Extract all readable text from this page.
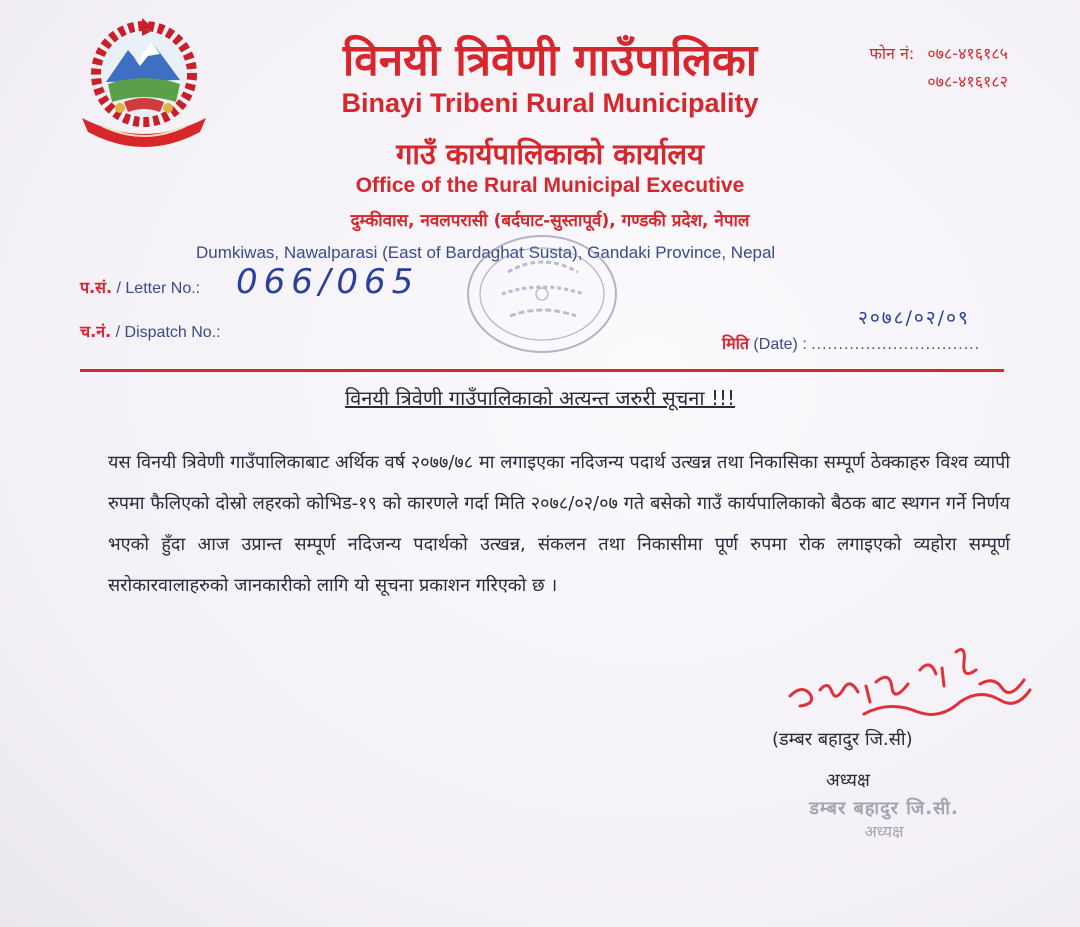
विनयी त्रिवेणी गाउँपालिका
Binayi Tribeni Rural Municipality
गाउँ कार्यपालिकाको कार्यालय
Office of the Rural Municipal Executive

दुम्कीवास, नवलपरासी (बर्दघाट-सुस्तापूर्व), गण्डकी प्रदेश, नेपाल

Dumkiwas, Nawalparasi (East of Bardaghat Susta), Gandaki Province, Nepal

फोन नं: ०७८-४१६१८५
०७८-४१६१८२
प.सं. / Letter No.: 066/065
च.नं. / Dispatch No.:
२०७८/०२/०९
मिति (Date) : ...............................

विनयी त्रिवेणी गाउँपालिकाको अत्यन्त जरुरी सूचना !!!

यस विनयी त्रिवेणी गाउँपालिकाबाट अर्थिक वर्ष २०७७/७८ मा लगाइएका नदिजन्य पदार्थ उत्खन्न तथा निकासिका सम्पूर्ण ठेक्काहरु विश्व व्यापी रुपमा फैलिएको दोस्रो लहरको कोभिड-१९ को कारणले गर्दा मिति २०७८/०२/०७ गते बसेको गाउँ कार्यपालिकाको बैठक बाट स्थगन गर्ने निर्णय भएको हुँदा आज उप्रान्त सम्पूर्ण नदिजन्य पदार्थको उत्खन्न, संकलन तथा निकासीमा पूर्ण रुपमा रोक लगाइएको व्यहोरा सम्पूर्ण सरोकारवालाहरुको जानकारीको लागि यो सूचना प्रकाशन गरिएको छ ।

(डम्बर बहादुर जि.सी)
अध्यक्ष
डम्बर बहादुर जि.सी.
अध्यक्ष
